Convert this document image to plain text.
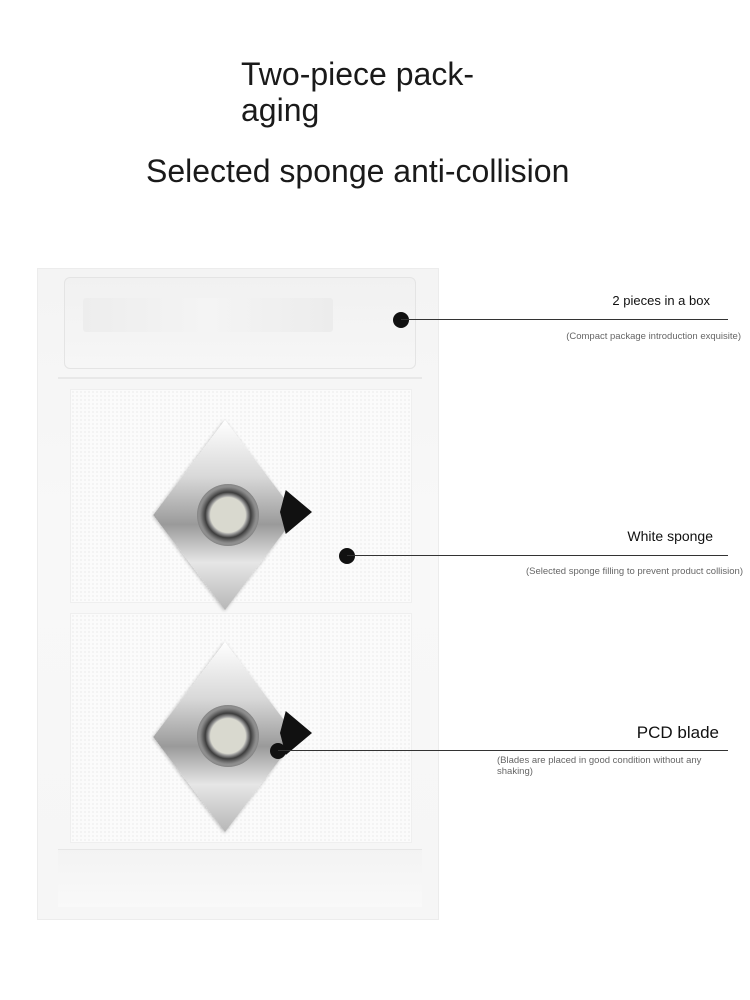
Two-piece pack-aging
Selected sponge anti-collision
2 pieces in a box
(Compact package introduction exquisite)
White sponge
(Selected sponge filling to prevent product collision)
PCD blade
(Blades are placed in good condition without any shaking)
